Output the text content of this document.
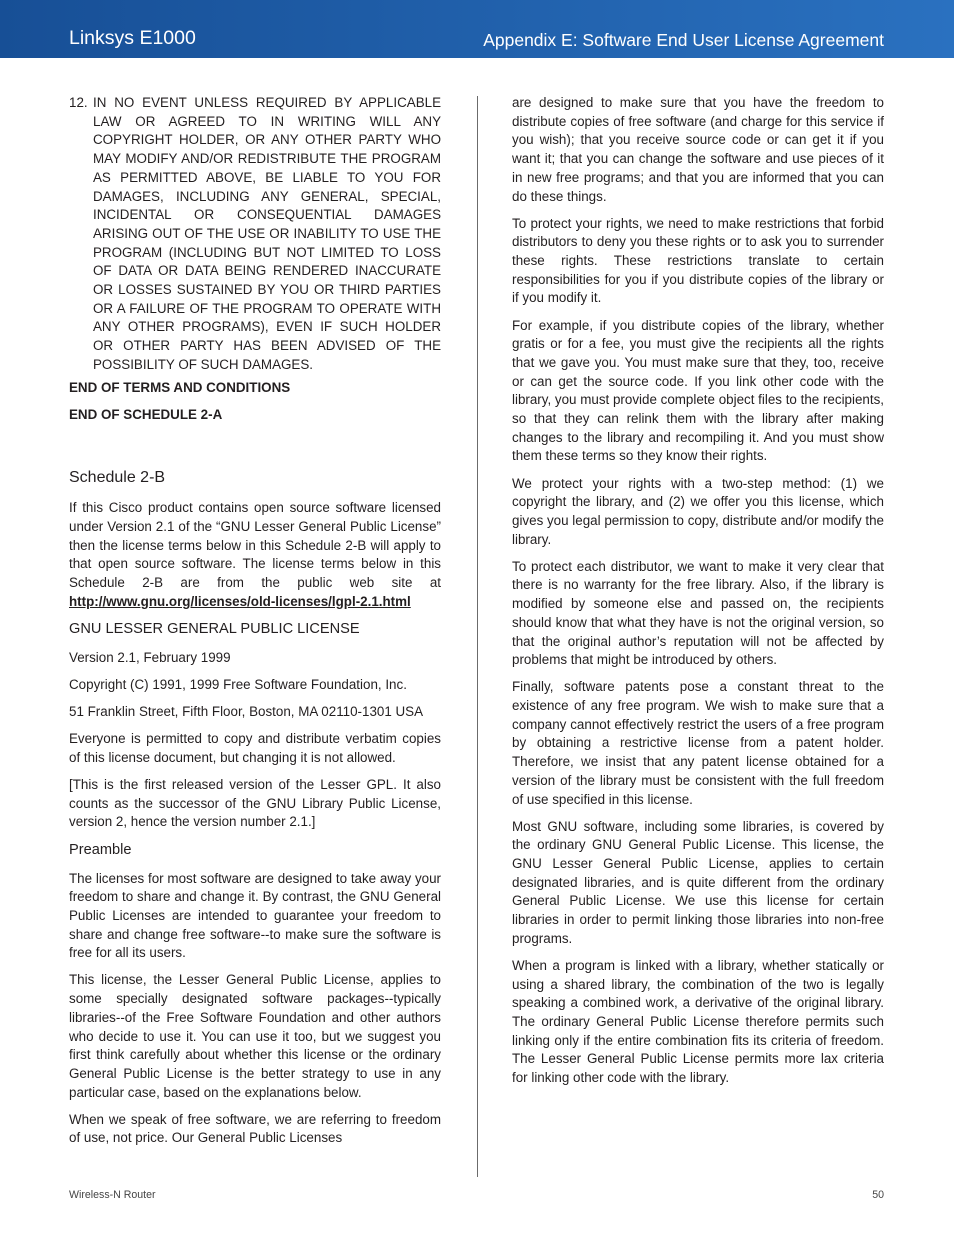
Linksys E1000	Appendix E: Software End User License Agreement
12. IN NO EVENT UNLESS REQUIRED BY APPLICABLE LAW OR AGREED TO IN WRITING WILL ANY COPYRIGHT HOLDER, OR ANY OTHER PARTY WHO MAY MODIFY AND/OR REDISTRIBUTE THE PROGRAM AS PERMITTED ABOVE, BE LIABLE TO YOU FOR DAMAGES, INCLUDING ANY GENERAL, SPECIAL, INCIDENTAL OR CONSEQUENTIAL DAMAGES ARISING OUT OF THE USE OR INABILITY TO USE THE PROGRAM (INCLUDING BUT NOT LIMITED TO LOSS OF DATA OR DATA BEING RENDERED INACCURATE OR LOSSES SUSTAINED BY YOU OR THIRD PARTIES OR A FAILURE OF THE PROGRAM TO OPERATE WITH ANY OTHER PROGRAMS), EVEN IF SUCH HOLDER OR OTHER PARTY HAS BEEN ADVISED OF THE POSSIBILITY OF SUCH DAMAGES.
END OF TERMS AND CONDITIONS
END OF SCHEDULE 2-A
Schedule 2-B

If this Cisco product contains open source software licensed under Version 2.1 of the “GNU Lesser General Public License” then the license terms below in this Schedule 2-B will apply to that open source software. The license terms below in this Schedule 2-B are from the public web site at http://www.gnu.org/licenses/old-licenses/lgpl-2.1.html

GNU LESSER GENERAL PUBLIC LICENSE

Version 2.1, February 1999

Copyright (C) 1991, 1999 Free Software Foundation, Inc.

51 Franklin Street, Fifth Floor, Boston, MA 02110-1301 USA

Everyone is permitted to copy and distribute verbatim copies of this license document, but changing it is not allowed.

[This is the first released version of the Lesser GPL. It also counts as the successor of the GNU Library Public License, version 2, hence the version number 2.1.]

Preamble

The licenses for most software are designed to take away your freedom to share and change it. By contrast, the GNU General Public Licenses are intended to guarantee your freedom to share and change free software--to make sure the software is free for all its users.

This license, the Lesser General Public License, applies to some specially designated software packages--typically libraries--of the Free Software Foundation and other authors who decide to use it. You can use it too, but we suggest you first think carefully about whether this license or the ordinary General Public License is the better strategy to use in any particular case, based on the explanations below.

When we speak of free software, we are referring to freedom of use, not price. Our General Public Licenses

are designed to make sure that you have the freedom to distribute copies of free software (and charge for this service if you wish); that you receive source code or can get it if you want it; that you can change the software and use pieces of it in new free programs; and that you are informed that you can do these things.

To protect your rights, we need to make restrictions that forbid distributors to deny you these rights or to ask you to surrender these rights. These restrictions translate to certain responsibilities for you if you distribute copies of the library or if you modify it.

For example, if you distribute copies of the library, whether gratis or for a fee, you must give the recipients all the rights that we gave you. You must make sure that they, too, receive or can get the source code. If you link other code with the library, you must provide complete object files to the recipients, so that they can relink them with the library after making changes to the library and recompiling it. And you must show them these terms so they know their rights.

We protect your rights with a two-step method: (1) we copyright the library, and (2) we offer you this license, which gives you legal permission to copy, distribute and/or modify the library.

To protect each distributor, we want to make it very clear that there is no warranty for the free library. Also, if the library is modified by someone else and passed on, the recipients should know that what they have is not the original version, so that the original author’s reputation will not be affected by problems that might be introduced by others.

Finally, software patents pose a constant threat to the existence of any free program. We wish to make sure that a company cannot effectively restrict the users of a free program by obtaining a restrictive license from a patent holder. Therefore, we insist that any patent license obtained for a version of the library must be consistent with the full freedom of use specified in this license.

Most GNU software, including some libraries, is covered by the ordinary GNU General Public License. This license, the GNU Lesser General Public License, applies to certain designated libraries, and is quite different from the ordinary General Public License. We use this license for certain libraries in order to permit linking those libraries into non-free programs.

When a program is linked with a library, whether statically or using a shared library, the combination of the two is legally speaking a combined work, a derivative of the original library. The ordinary General Public License therefore permits such linking only if the entire combination fits its criteria of freedom. The Lesser General Public License permits more lax criteria for linking other code with the library.

Wireless-N Router	50
